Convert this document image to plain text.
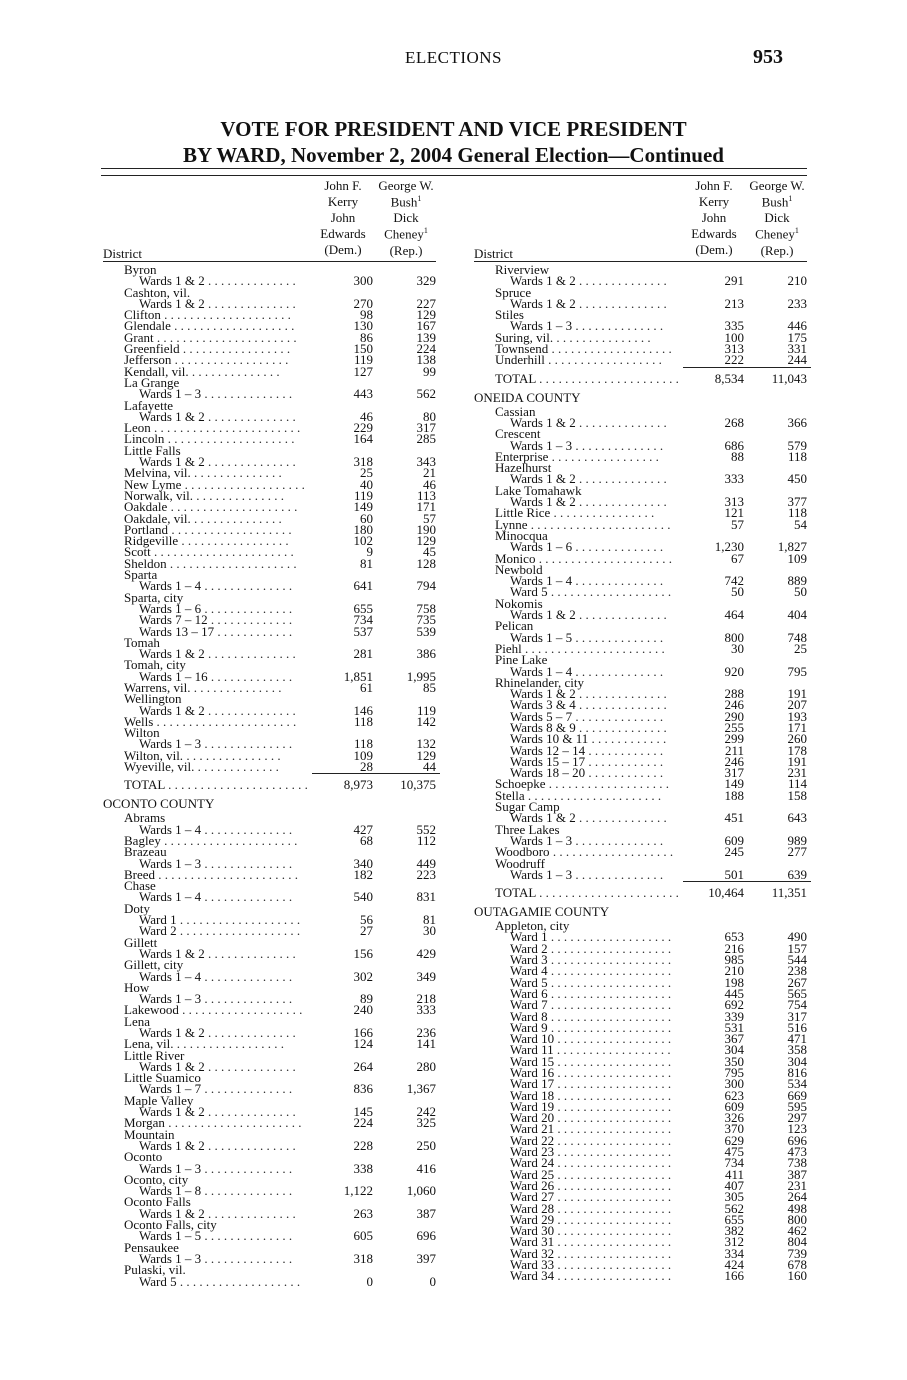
ELECTIONS	953
VOTE FOR PRESIDENT AND VICE PRESIDENT
BY WARD, November 2, 2004 General Election—Continued
John F.
Kerry
John
Edwards
(Dem.)
George W.
Bush$^1$
Dick
Cheney$^1$
(Rep.)
District
Byron
Wards 1 & 2 . . . . . . . . . . . . . .	300	329
Cashton, vil.
Wards 1 & 2 . . . . . . . . . . . . . .	270	227
Clifton . . . . . . . . . . . . . . . . . . . .	98	129
Glendale . . . . . . . . . . . . . . . . . . .	130	167
Grant . . . . . . . . . . . . . . . . . . . . . .	86	139
Greenfield . . . . . . . . . . . . . . . . .	150	224
Jefferson . . . . . . . . . . . . . . . . . .	119	138
Kendall, vil. . . . . . . . . . . . . . .	127	99
La Grange
Wards 1 – 3 . . . . . . . . . . . . . .	443	562
Lafayette
Wards 1 & 2 . . . . . . . . . . . . . .	46	80
Leon . . . . . . . . . . . . . . . . . . . . . . .	229	317
Lincoln . . . . . . . . . . . . . . . . . . . .	164	285
Little Falls
Wards 1 & 2 . . . . . . . . . . . . . .	318	343
Melvina, vil. . . . . . . . . . . . . . .	25	21
New Lyme . . . . . . . . . . . . . . . . . . .	40	46
Norwalk, vil. . . . . . . . . . . . . . .	119	113
Oakdale . . . . . . . . . . . . . . . . . . . .	149	171
Oakdale, vil. . . . . . . . . . . . . . .	60	57
Portland . . . . . . . . . . . . . . . . . . .	180	190
Ridgeville . . . . . . . . . . . . . . . . .	102	129
Scott . . . . . . . . . . . . . . . . . . . . . .	9	45
Sheldon . . . . . . . . . . . . . . . . . . . .	81	128
Sparta
Wards 1 – 4 . . . . . . . . . . . . . .	641	794
Sparta, city
Wards 1 – 6 . . . . . . . . . . . . . .	655	758
Wards 7 – 12 . . . . . . . . . . . . .	734	735
Wards 13 – 17 . . . . . . . . . . . .	537	539
Tomah
Wards 1 & 2 . . . . . . . . . . . . . .	281	386
Tomah, city
Wards 1 – 16 . . . . . . . . . . . . .	1,851	1,995
Warrens, vil. . . . . . . . . . . . . . .	61	85
Wellington
Wards 1 & 2 . . . . . . . . . . . . . .	146	119
Wells . . . . . . . . . . . . . . . . . . . . . .	118	142
Wilton
Wards 1 – 3 . . . . . . . . . . . . . .	118	132
Wilton, vil. . . . . . . . . . . . . . . .	109	129
Wyeville, vil. . . . . . . . . . . . . .	28	44
TOTAL . . . . . . . . . . . . . . . . . . . . . .	8,973 10,375
OCONTO COUNTY
Abrams
Wards 1 – 4 . . . . . . . . . . . . . .	427	552
Bagley . . . . . . . . . . . . . . . . . . . . .	68	112
Brazeau
Wards 1 – 3 . . . . . . . . . . . . . .	340	449
Breed . . . . . . . . . . . . . . . . . . . . . .	182	223
Chase
Wards 1 – 4 . . . . . . . . . . . . . .	540	831
Doty
Ward 1 . . . . . . . . . . . . . . . . . . .	56	81
Ward 2 . . . . . . . . . . . . . . . . . . .	27	30
Gillett
Wards 1 & 2 . . . . . . . . . . . . . .	156	429
Gillett, city
Wards 1 – 4 . . . . . . . . . . . . . .	302	349
How
Wards 1 – 3 . . . . . . . . . . . . . .	89	218
Lakewood . . . . . . . . . . . . . . . . . . .	240	333
Lena
Wards 1 & 2 . . . . . . . . . . . . . .	166	236
Lena, vil. . . . . . . . . . . . . . . . . .	124	141
Little River
Wards 1 & 2 . . . . . . . . . . . . . .	264	280
Little Suamico
Wards 1 – 7 . . . . . . . . . . . . . .	836	1,367
Maple Valley
Wards 1 & 2 . . . . . . . . . . . . . .	145	242
Morgan . . . . . . . . . . . . . . . . . . . . .	224	325
Mountain
Wards 1 & 2 . . . . . . . . . . . . . .	228	250
Oconto
Wards 1 – 3 . . . . . . . . . . . . . .	338	416
Oconto, city
Wards 1 – 8 . . . . . . . . . . . . . .	1,122	1,060
Oconto Falls
Wards 1 & 2 . . . . . . . . . . . . . .	263	387
Oconto Falls, city
Wards 1 – 5 . . . . . . . . . . . . . .	605	696
Pensaukee
Wards 1 – 3 . . . . . . . . . . . . . .	318	397
Pulaski, vil.
Ward 5 . . . . . . . . . . . . . . . . . . .	0	0
John F.
Kerry
John
Edwards
(Dem.)
George W.
Bush$^1$
Dick
Cheney$^1$
(Rep.)
District
Riverview
Wards 1 & 2 . . . . . . . . . . . . . .	291	210
Spruce
Wards 1 & 2 . . . . . . . . . . . . . .	213	233
Stiles
Wards 1 – 3 . . . . . . . . . . . . . .	335	446
Suring, vil. . . . . . . . . . . . . . . .	100	175
Townsend . . . . . . . . . . . . . . . . . . .	313	331
Underhill . . . . . . . . . . . . . . . . . .	222	244
TOTAL . . . . . . . . . . . . . . . . . . . . . .	8,534 11,043
ONEIDA COUNTY
Cassian
Wards 1 & 2 . . . . . . . . . . . . . .	268	366
Crescent
Wards 1 – 3 . . . . . . . . . . . . . .	686	579
Enterprise . . . . . . . . . . . . . . . . .	88	118
Hazelhurst
Wards 1 & 2 . . . . . . . . . . . . . .	333	450
Lake Tomahawk
Wards 1 & 2 . . . . . . . . . . . . . .	313	377
Little Rice . . . . . . . . . . . . . . . .	121	118
Lynne . . . . . . . . . . . . . . . . . . . . . .	57	54
Minocqua
Wards 1 – 6 . . . . . . . . . . . . . .	1,230	1,827
Monico . . . . . . . . . . . . . . . . . . . . .	67	109
Newbold
Wards 1 – 4 . . . . . . . . . . . . . .	742	889
Ward 5 . . . . . . . . . . . . . . . . . . .	50	50
Nokomis
Wards 1 & 2 . . . . . . . . . . . . . .	464	404
Pelican
Wards 1 – 5 . . . . . . . . . . . . . .	800	748
Piehl . . . . . . . . . . . . . . . . . . . . . .	30	25
Pine Lake
Wards 1 – 4 . . . . . . . . . . . . . .	920	795
Rhinelander, city
Wards 1 & 2 . . . . . . . . . . . . . .	288	191
Wards 3 & 4 . . . . . . . . . . . . . .	246	207
Wards 5 – 7 . . . . . . . . . . . . . .	290	193
Wards 8 & 9 . . . . . . . . . . . . . .	255	171
Wards 10 & 11 . . . . . . . . . . . .	299	260
Wards 12 – 14 . . . . . . . . . . . .	211	178
Wards 15 – 17 . . . . . . . . . . . .	246	191
Wards 18 – 20 . . . . . . . . . . . .	317	231
Schoepke . . . . . . . . . . . . . . . . . . .	149	114
Stella . . . . . . . . . . . . . . . . . . . . .	188	158
Sugar Camp
Wards 1 & 2 . . . . . . . . . . . . . .	451	643
Three Lakes
Wards 1 – 3 . . . . . . . . . . . . . .	609	989
Woodboro . . . . . . . . . . . . . . . . . . .	245	277
Woodruff
Wards 1 – 3 . . . . . . . . . . . . . .	501	639
TOTAL . . . . . . . . . . . . . . . . . . . . . . 10,464 11,351
OUTAGAMIE COUNTY
Appleton, city
Ward 1 . . . . . . . . . . . . . . . . . . .	653	490
Ward 2 . . . . . . . . . . . . . . . . . . .	216	157
Ward 3 . . . . . . . . . . . . . . . . . . .	985	544
Ward 4 . . . . . . . . . . . . . . . . . . .	210	238
Ward 5 . . . . . . . . . . . . . . . . . . .	198	267
Ward 6 . . . . . . . . . . . . . . . . . . .	445	565
Ward 7 . . . . . . . . . . . . . . . . . . .	692	754
Ward 8 . . . . . . . . . . . . . . . . . . .	339	317
Ward 9 . . . . . . . . . . . . . . . . . . .	531	516
Ward 10 . . . . . . . . . . . . . . . . . .	367	471
Ward 11 . . . . . . . . . . . . . . . . . .	304	358
Ward 15 . . . . . . . . . . . . . . . . . .	350	304
Ward 16 . . . . . . . . . . . . . . . . . .	795	816
Ward 17 . . . . . . . . . . . . . . . . . .	300	534
Ward 18 . . . . . . . . . . . . . . . . . .	623	669
Ward 19 . . . . . . . . . . . . . . . . . .	609	595
Ward 20 . . . . . . . . . . . . . . . . . .	326	297
Ward 21 . . . . . . . . . . . . . . . . . .	370	123
Ward 22 . . . . . . . . . . . . . . . . . .	629	696
Ward 23 . . . . . . . . . . . . . . . . . .	475	473
Ward 24 . . . . . . . . . . . . . . . . . .	734	738
Ward 25 . . . . . . . . . . . . . . . . . .	411	387
Ward 26 . . . . . . . . . . . . . . . . . .	407	231
Ward 27 . . . . . . . . . . . . . . . . . .	305	264
Ward 28 . . . . . . . . . . . . . . . . . .	562	498
Ward 29 . . . . . . . . . . . . . . . . . .	655	800
Ward 30 . . . . . . . . . . . . . . . . . .	382	462
Ward 31 . . . . . . . . . . . . . . . . . .	312	804
Ward 32 . . . . . . . . . . . . . . . . . .	334	739
Ward 33 . . . . . . . . . . . . . . . . . .	424	678
Ward 34 . . . . . . . . . . . . . . . . . .	166	160
